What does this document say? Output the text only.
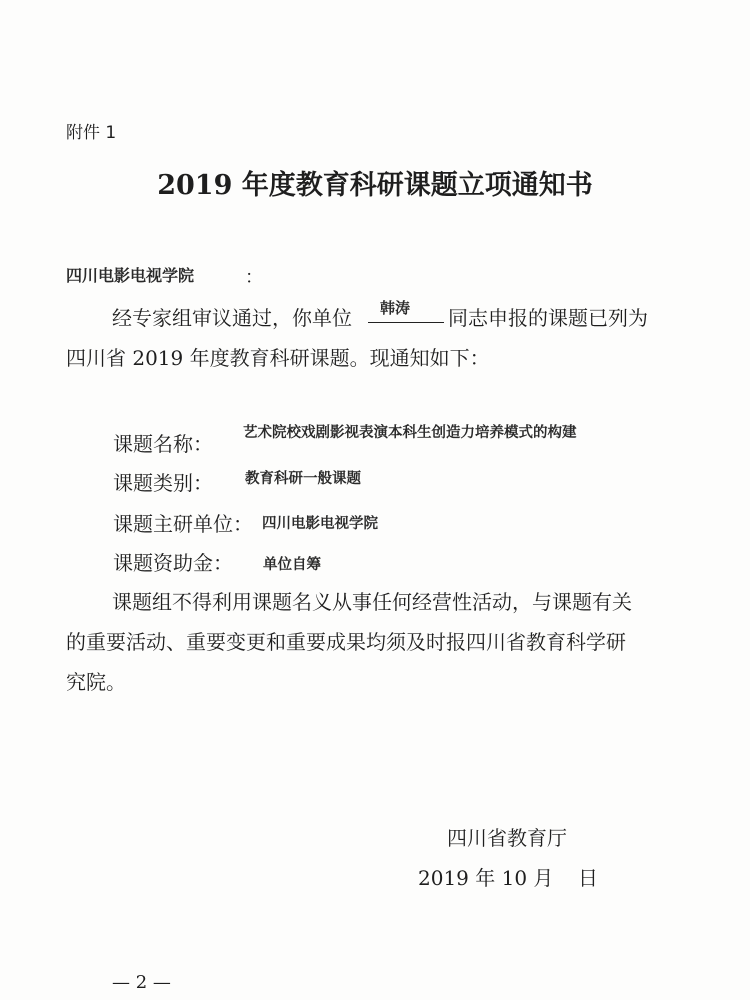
附件 1
2019 年度教育科研课题立项通知书
四川电影电视学院	：
经专家组审议通过，你单位 韩涛 同志申报的课题已列为
四川省 2019 年度教育科研课题。现通知如下：
课题名称： 艺术院校戏剧影视表演本科生创造力培养模式的构建
课题类别： 教育科研一般课题
课题主研单位： 四川电影电视学院
课题资助金： 单位自筹
课题组不得利用课题名义从事任何经营性活动，与课题有关
的重要活动、重要变更和重要成果均须及时报四川省教育科学研
究院。
四川省教育厅
2019 年 10 月 日
— 2 —
